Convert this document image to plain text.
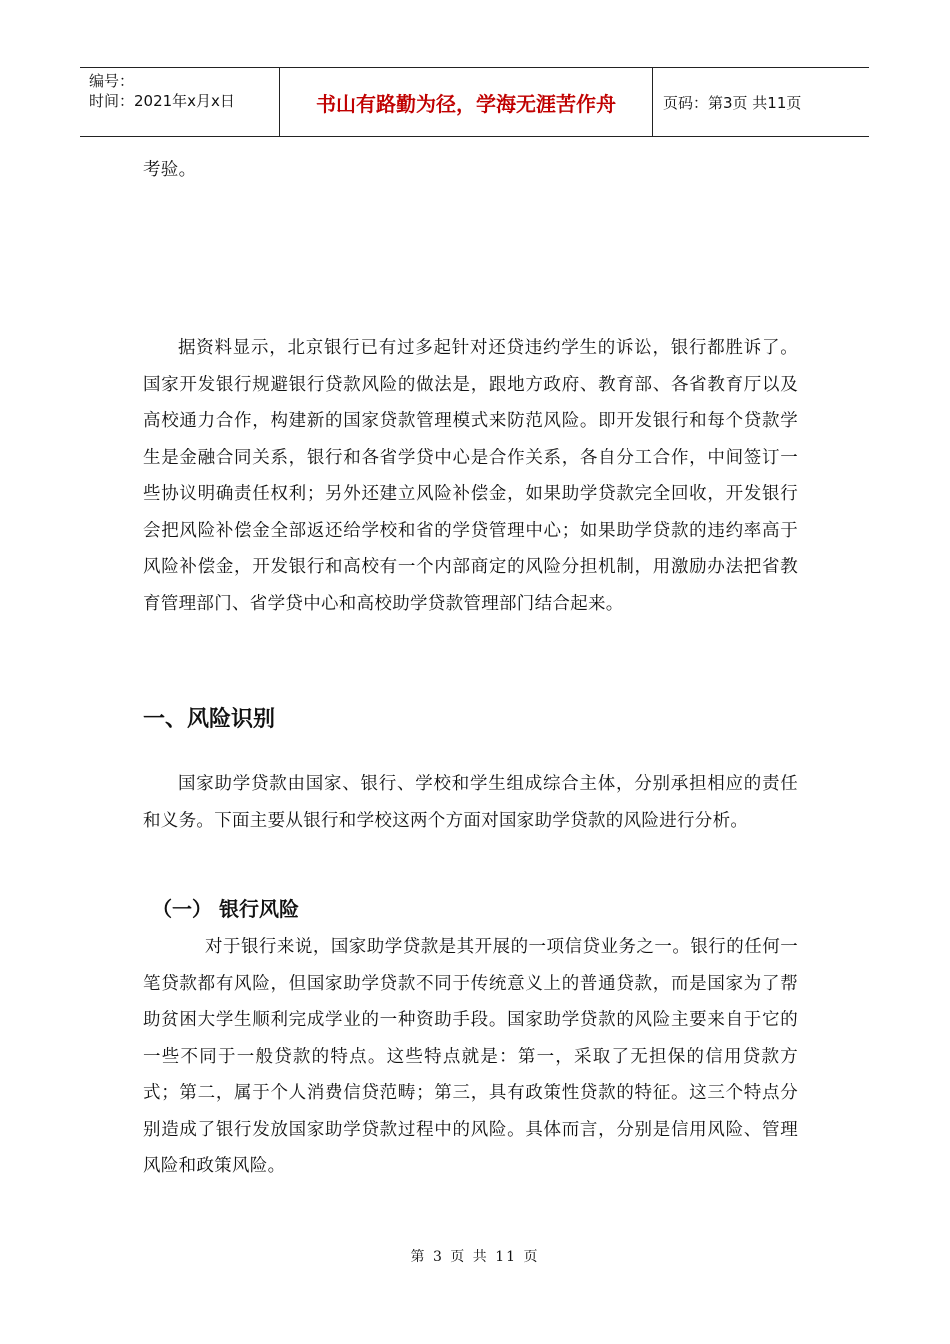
编号：
时间：2021年x月x日	书山有路勤为径，学海无涯苦作舟	页码：第3页 共11页

考验。

据资料显示，北京银行已有过多起针对还贷违约学生的诉讼，银行都胜诉了。国家开发银行规避银行贷款风险的做法是，跟地方政府、教育部、各省教育厅以及高校通力合作，构建新的国家贷款管理模式来防范风险。即开发银行和每个贷款学生是金融合同关系，银行和各省学贷中心是合作关系，各自分工合作，中间签订一些协议明确责任权利；另外还建立风险补偿金，如果助学贷款完全回收，开发银行会把风险补偿金全部返还给学校和省的学贷管理中心；如果助学贷款的违约率高于风险补偿金，开发银行和高校有一个内部商定的风险分担机制，用激励办法把省教育管理部门、省学贷中心和高校助学贷款管理部门结合起来。

一、风险识别

国家助学贷款由国家、银行、学校和学生组成综合主体，分别承担相应的责任和义务。下面主要从银行和学校这两个方面对国家助学贷款的风险进行分析。

（一） 银行风险

对于银行来说，国家助学贷款是其开展的一项信贷业务之一。银行的任何一笔贷款都有风险，但国家助学贷款不同于传统意义上的普通贷款，而是国家为了帮助贫困大学生顺利完成学业的一种资助手段。国家助学贷款的风险主要来自于它的一些不同于一般贷款的特点。这些特点就是：第一，采取了无担保的信用贷款方式；第二，属于个人消费信贷范畴；第三，具有政策性贷款的特征。这三个特点分别造成了银行发放国家助学贷款过程中的风险。具体而言，分别是信用风险、管理风险和政策风险。

第 3 页 共 11 页
